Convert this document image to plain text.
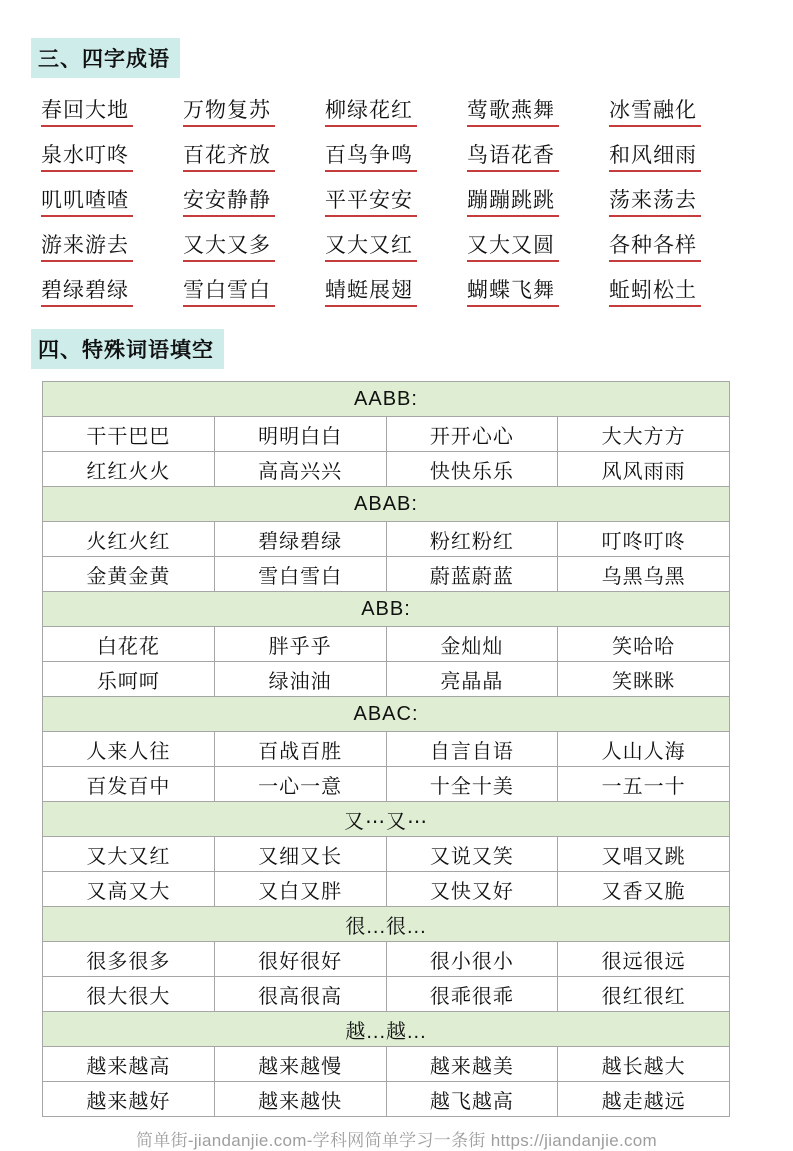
三、四字成语
春回大地	万物复苏	柳绿花红	莺歌燕舞	冰雪融化
泉水叮咚	百花齐放	百鸟争鸣	鸟语花香	和风细雨
叽叽喳喳	安安静静	平平安安	蹦蹦跳跳	荡来荡去
游来游去	又大又多	又大又红	又大又圆	各种各样
碧绿碧绿	雪白雪白	蜻蜓展翅	蝴蝶飞舞	蚯蚓松土
四、特殊词语填空
AABB:			
干干巴巴	明明白白	开开心心	大大方方
红红火火	高高兴兴	快快乐乐	风风雨雨
ABAB:			
火红火红	碧绿碧绿	粉红粉红	叮咚叮咚
金黄金黄	雪白雪白	蔚蓝蔚蓝	乌黑乌黑
ABB:			
白花花	胖乎乎	金灿灿	笑哈哈
乐呵呵	绿油油	亮晶晶	笑眯眯
ABAC:			
人来人往	百战百胜	自言自语	人山人海
百发百中	一心一意	十全十美	一五一十
又⋯又⋯			
又大又红	又细又长	又说又笑	又唱又跳
又高又大	又白又胖	又快又好	又香又脆
很...很...			
很多很多	很好很好	很小很小	很远很远
很大很大	很高很高	很乖很乖	很红很红
越...越...			
越来越高	越来越慢	越来越美	越长越大
越来越好	越来越快	越飞越高	越走越远
简单街-jiandanjie.com-学科网简单学习一条街 https://jiandanjie.com
